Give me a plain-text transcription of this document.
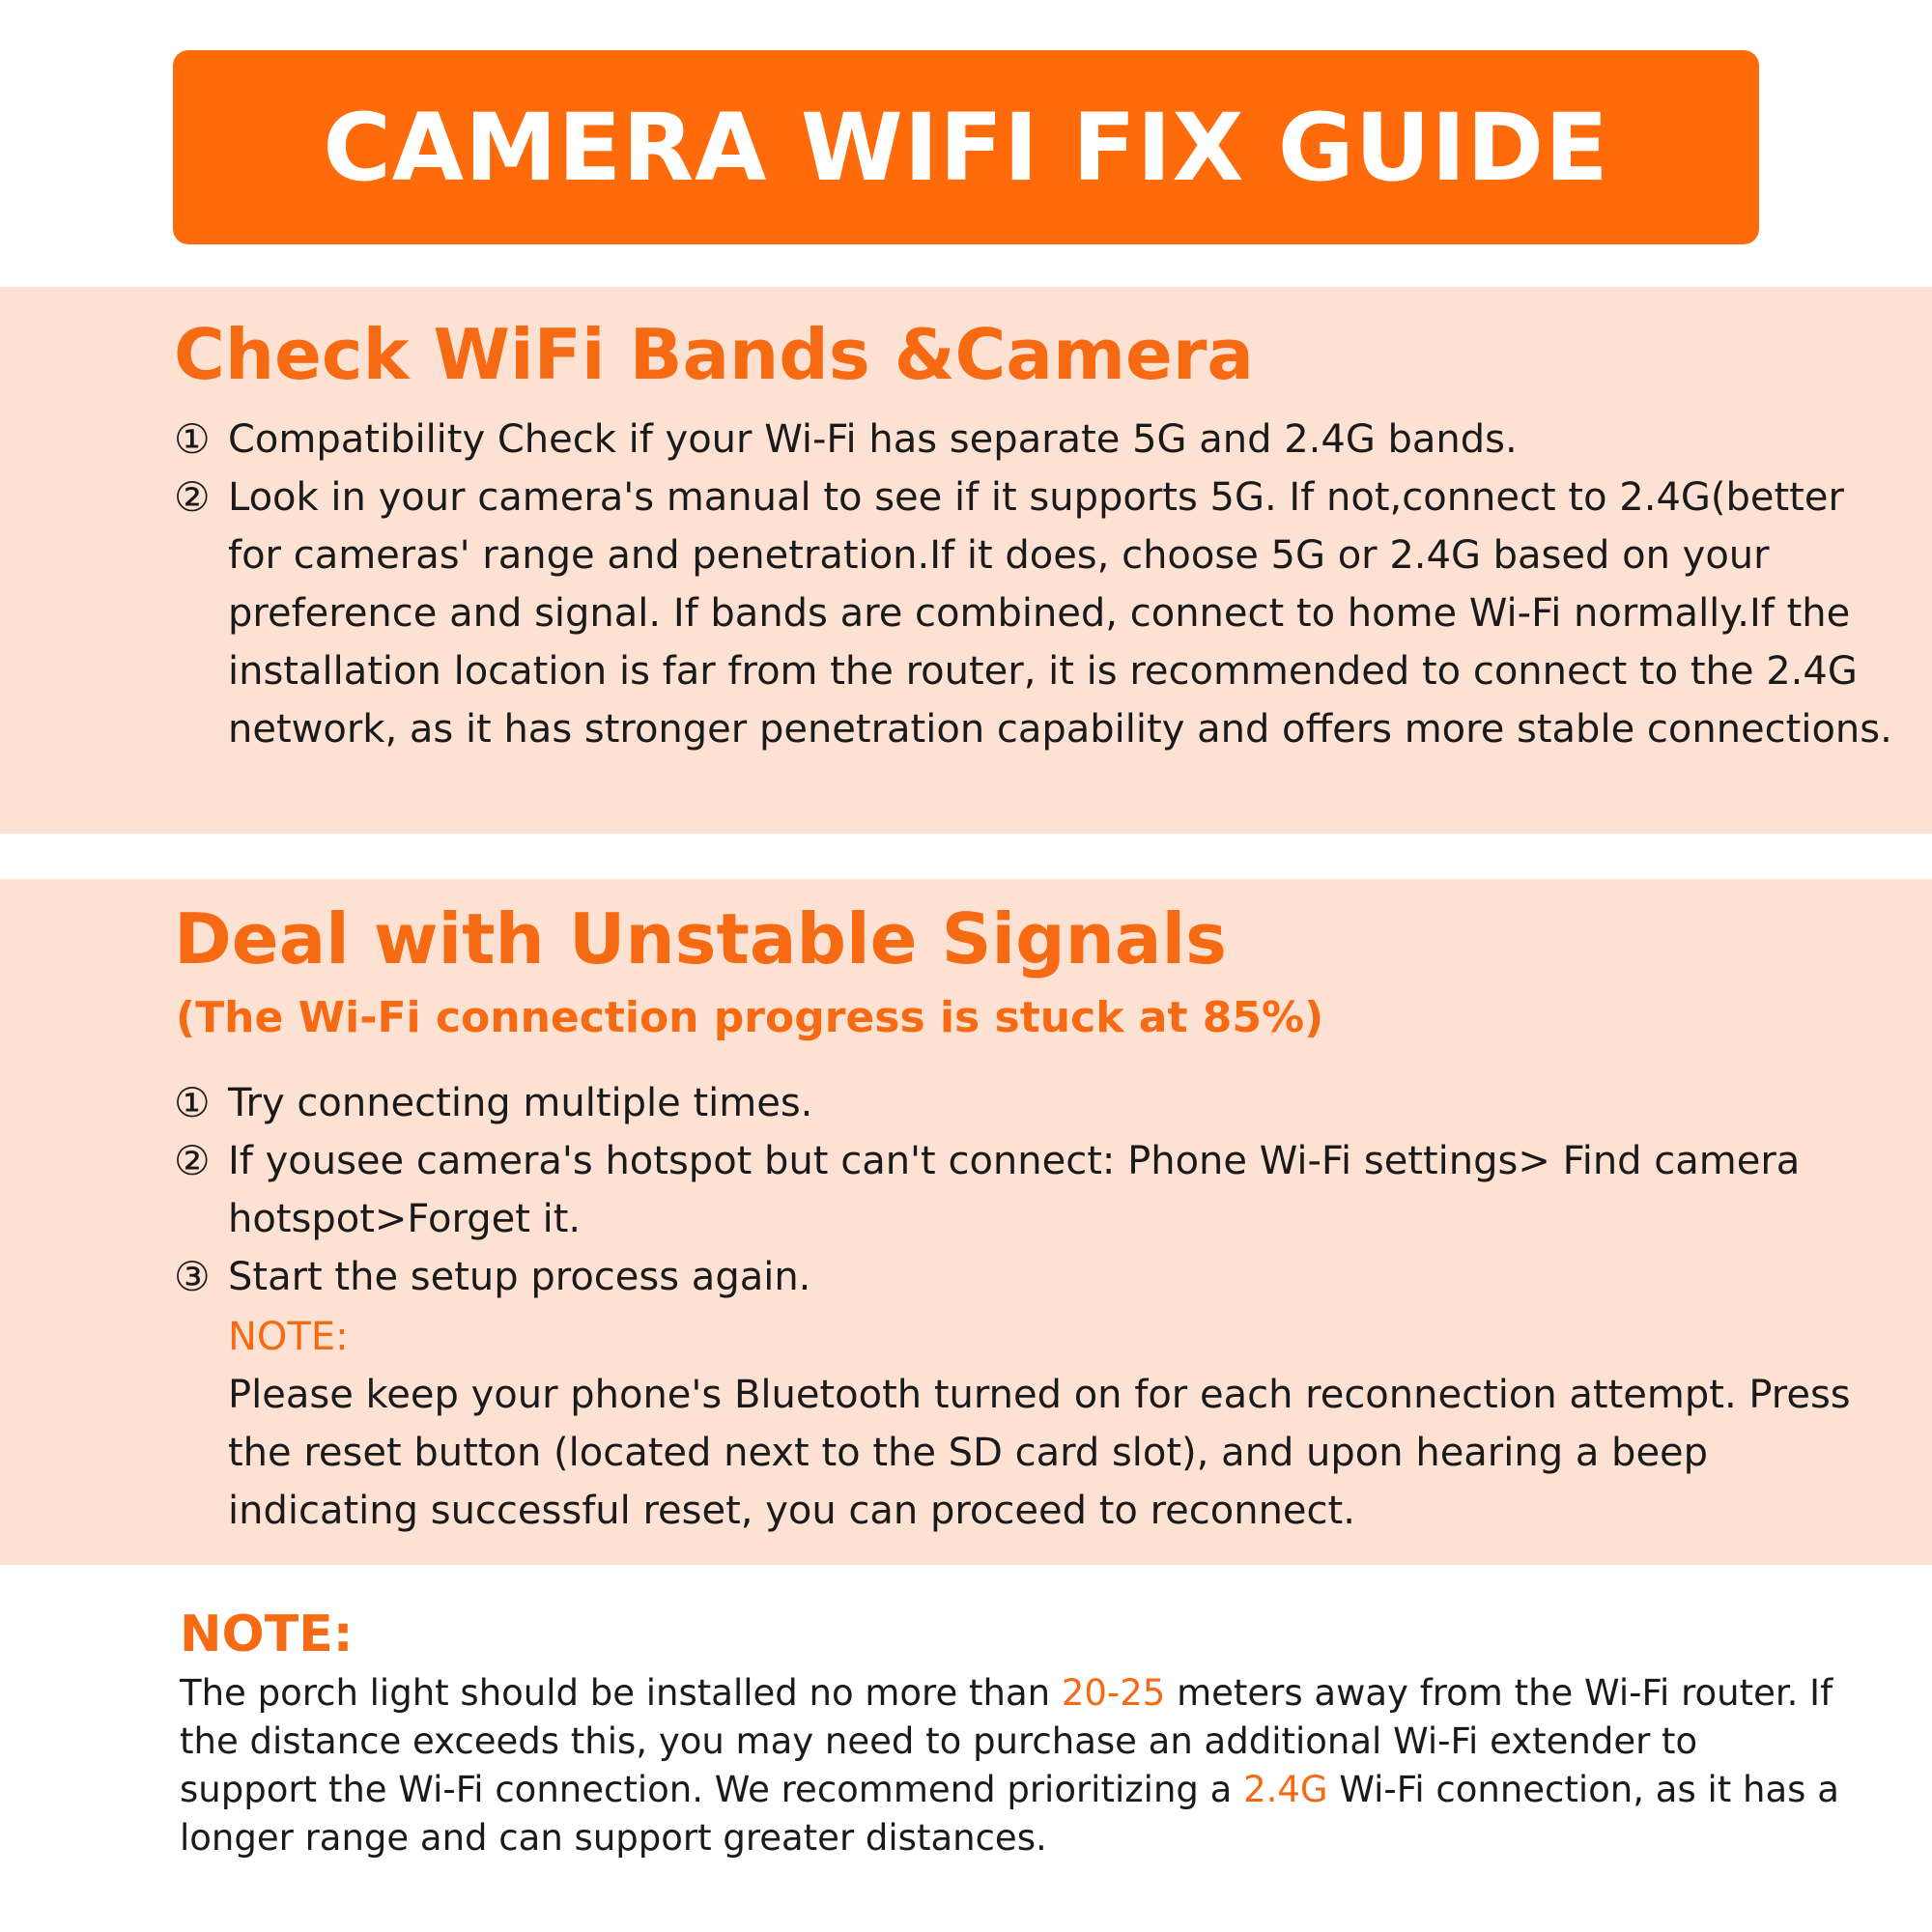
CAMERA WIFI FIX GUIDE
Check WiFi Bands &Camera
① Compatibility Check if your Wi-Fi has separate 5G and 2.4G bands.
② Look in your camera's manual to see if it supports 5G. If not,connect to 2.4G(better for cameras' range and penetration.If it does, choose 5G or 2.4G based on your preference and signal. If bands are combined, connect to home Wi-Fi normally.If the installation location is far from the router, it is recommended to connect to the 2.4G network, as it has stronger penetration capability and offers more stable connections.
Deal with Unstable Signals
(The Wi-Fi connection progress is stuck at 85%)
① Try connecting multiple times.
② If yousee camera's hotspot but can't connect: Phone Wi-Fi settings> Find camera hotspot>Forget it.
③ Start the setup process again.
NOTE:
Please keep your phone's Bluetooth turned on for each reconnection attempt. Press the reset button (located next to the SD card slot), and upon hearing a beep indicating successful reset, you can proceed to reconnect.
NOTE:
The porch light should be installed no more than 20-25 meters away from the Wi-Fi router. If the distance exceeds this, you may need to purchase an additional Wi-Fi extender to support the Wi-Fi connection. We recommend prioritizing a 2.4G Wi-Fi connection, as it has a longer range and can support greater distances.
